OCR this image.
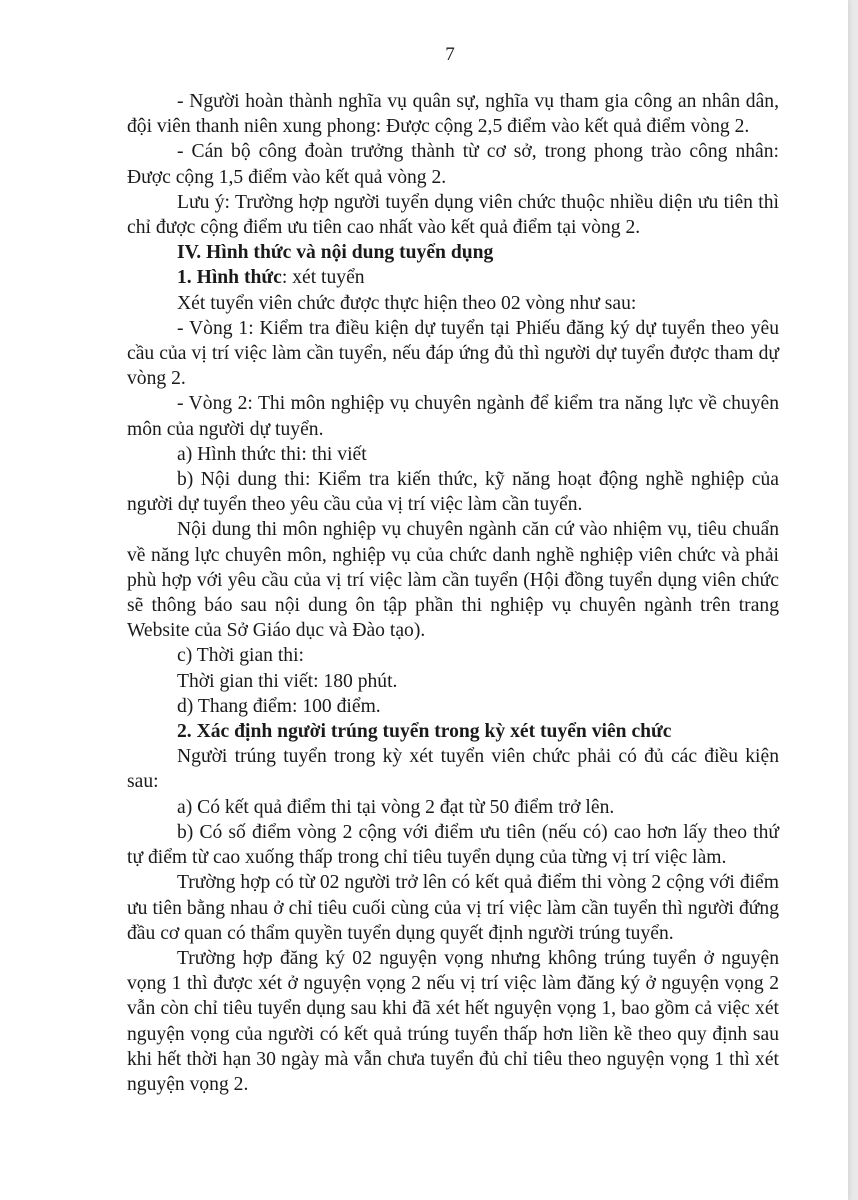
7

- Người hoàn thành nghĩa vụ quân sự, nghĩa vụ tham gia công an nhân dân, đội viên thanh niên xung phong: Được cộng 2,5 điểm vào kết quả điểm vòng 2.

- Cán bộ công đoàn trưởng thành từ cơ sở, trong phong trào công nhân: Được cộng 1,5 điểm vào kết quả vòng 2.

Lưu ý: Trường hợp người tuyển dụng viên chức thuộc nhiều diện ưu tiên thì chỉ được cộng điểm ưu tiên cao nhất vào kết quả điểm tại vòng 2.

IV. Hình thức và nội dung tuyển dụng

1. Hình thức: xét tuyển

Xét tuyển viên chức được thực hiện theo 02 vòng như sau:

- Vòng 1: Kiểm tra điều kiện dự tuyển tại Phiếu đăng ký dự tuyển theo yêu cầu của vị trí việc làm cần tuyển, nếu đáp ứng đủ thì người dự tuyển được tham dự vòng 2.

- Vòng 2: Thi môn nghiệp vụ chuyên ngành để kiểm tra năng lực về chuyên môn của người dự tuyển.

a) Hình thức thi: thi viết

b) Nội dung thi: Kiểm tra kiến thức, kỹ năng hoạt động nghề nghiệp của người dự tuyển theo yêu cầu của vị trí việc làm cần tuyển.

Nội dung thi môn nghiệp vụ chuyên ngành căn cứ vào nhiệm vụ, tiêu chuẩn về năng lực chuyên môn, nghiệp vụ của chức danh nghề nghiệp viên chức và phải phù hợp với yêu cầu của vị trí việc làm cần tuyển (Hội đồng tuyển dụng viên chức sẽ thông báo sau nội dung ôn tập phần thi nghiệp vụ chuyên ngành trên trang Website của Sở Giáo dục và Đào tạo).

c) Thời gian thi:

Thời gian thi viết: 180 phút.

d) Thang điểm: 100 điểm.

2. Xác định người trúng tuyển trong kỳ xét tuyển viên chức

Người trúng tuyển trong kỳ xét tuyển viên chức phải có đủ các điều kiện sau:

a) Có kết quả điểm thi tại vòng 2 đạt từ 50 điểm trở lên.

b) Có số điểm vòng 2 cộng với điểm ưu tiên (nếu có) cao hơn lấy theo thứ tự điểm từ cao xuống thấp trong chỉ tiêu tuyển dụng của từng vị trí việc làm.

Trường hợp có từ 02 người trở lên có kết quả điểm thi vòng 2 cộng với điểm ưu tiên bằng nhau ở chỉ tiêu cuối cùng của vị trí việc làm cần tuyển thì người đứng đầu cơ quan có thẩm quyền tuyển dụng quyết định người trúng tuyển.

Trường hợp đăng ký 02 nguyện vọng nhưng không trúng tuyển ở nguyện vọng 1 thì được xét ở nguyện vọng 2 nếu vị trí việc làm đăng ký ở nguyện vọng 2 vẫn còn chỉ tiêu tuyển dụng sau khi đã xét hết nguyện vọng 1, bao gồm cả việc xét nguyện vọng của người có kết quả trúng tuyển thấp hơn liền kề theo quy định sau khi hết thời hạn 30 ngày mà vẫn chưa tuyển đủ chỉ tiêu theo nguyện vọng 1 thì xét nguyện vọng 2.
